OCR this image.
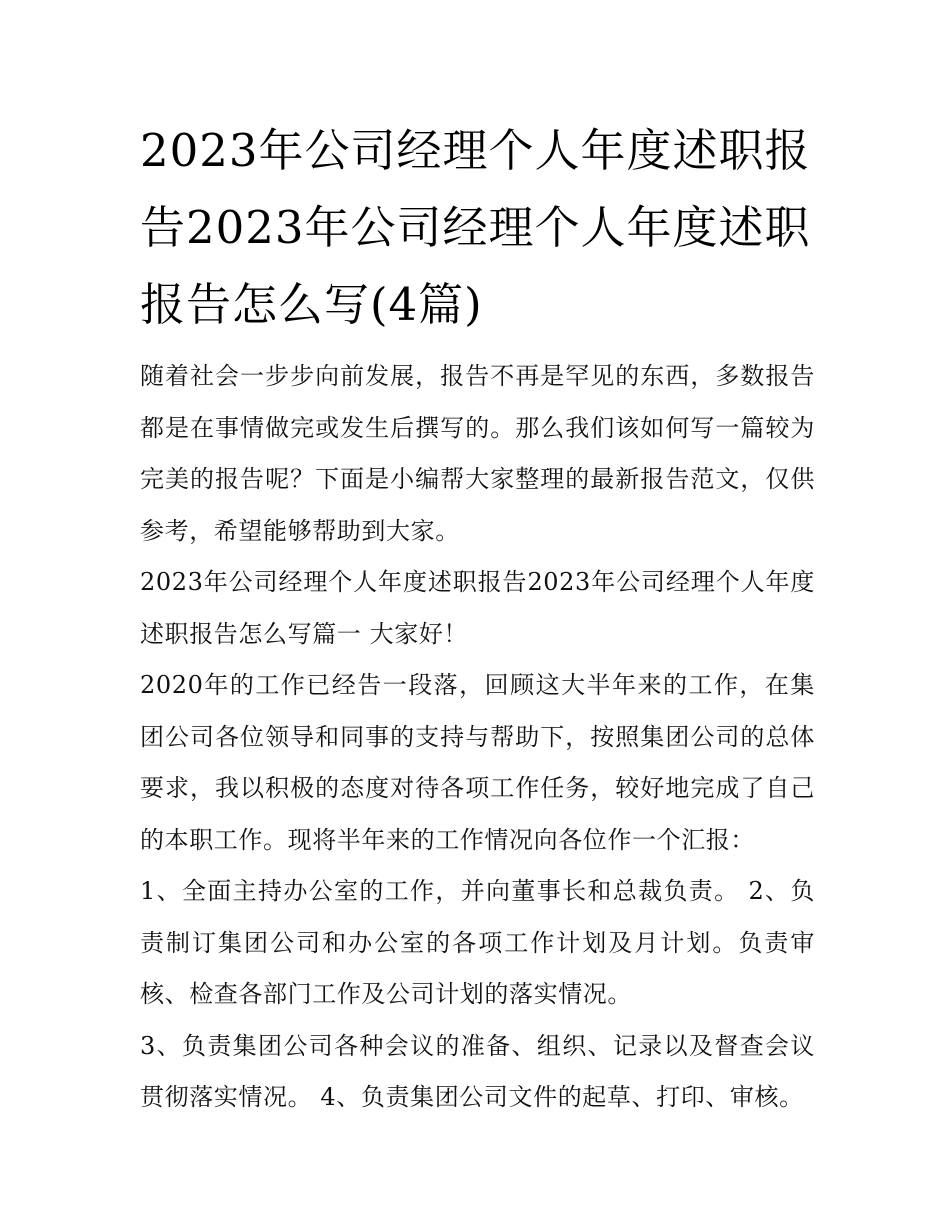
2023年公司经理个人年度述职报告2023年公司经理个人年度述职报告怎么写(4篇)

随着社会一步步向前发展，报告不再是罕见的东西，多数报告都是在事情做完或发生后撰写的。那么我们该如何写一篇较为完美的报告呢？下面是小编帮大家整理的最新报告范文，仅供参考，希望能够帮助到大家。

2023年公司经理个人年度述职报告2023年公司经理个人年度述职报告怎么写篇一 大家好！

2020年的工作已经告一段落，回顾这大半年来的工作，在集团公司各位领导和同事的支持与帮助下，按照集团公司的总体要求，我以积极的态度对待各项工作任务，较好地完成了自己的本职工作。现将半年来的工作情况向各位作一个汇报：

1、全面主持办公室的工作，并向董事长和总裁负责。 2、负责制订集团公司和办公室的各项工作计划及月计划。负责审核、检查各部门工作及公司计划的落实情况。

3、负责集团公司各种会议的准备、组织、记录以及督查会议贯彻落实情况。 4、负责集团公司文件的起草、打印、审核。
